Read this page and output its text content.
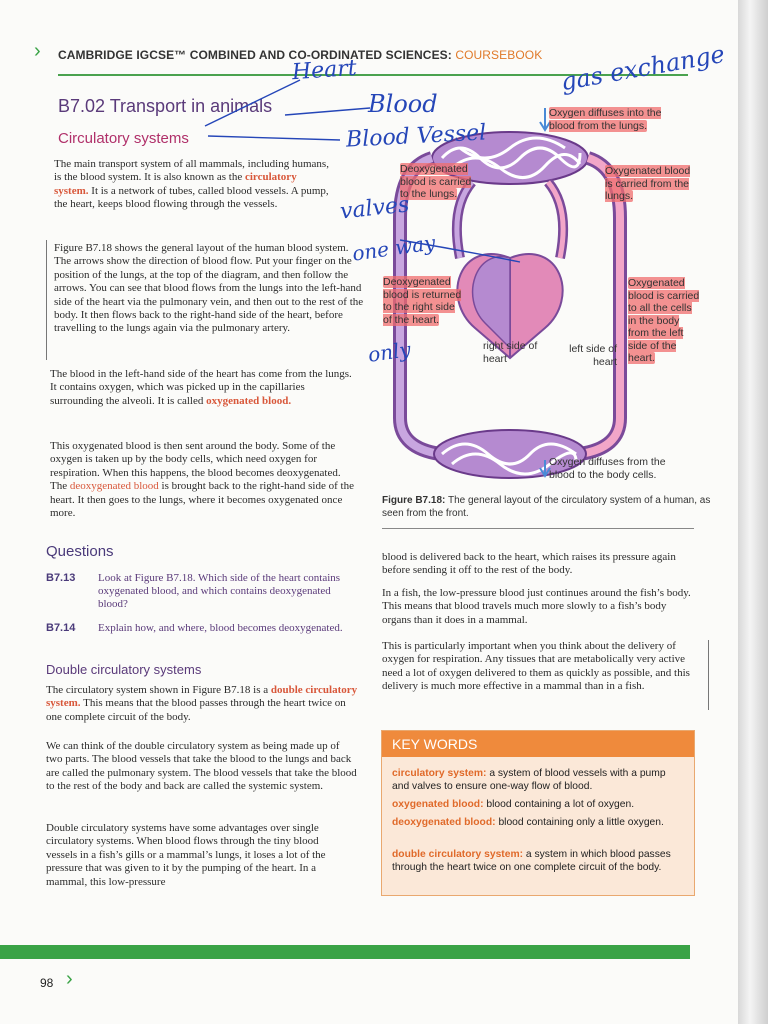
› CAMBRIDGE IGCSE™ COMBINED AND CO-ORDINATED SCIENCES: COURSEBOOK
B7.02 Transport in animals
Circulatory systems
The main transport system of all mammals, including humans, is the blood system. It is also known as the circulatory system. It is a network of tubes, called blood vessels. A pump, the heart, keeps blood flowing through the vessels.
Figure B7.18 shows the general layout of the human blood system. The arrows show the direction of blood flow. Put your finger on the position of the lungs, at the top of the diagram, and then follow the arrows. You can see that blood flows from the lungs into the left-hand side of the heart via the pulmonary vein, and then out to the rest of the body. It then flows back to the right-hand side of the heart, before travelling to the lungs again via the pulmonary artery.
The blood in the left-hand side of the heart has come from the lungs. It contains oxygen, which was picked up in the capillaries surrounding the alveoli. It is called oxygenated blood.
This oxygenated blood is then sent around the body. Some of the oxygen is taken up by the body cells, which need oxygen for respiration. When this happens, the blood becomes deoxygenated. The deoxygenated blood is brought back to the right-hand side of the heart. It then goes to the lungs, where it becomes oxygenated once more.
Questions
B7.13	Look at Figure B7.18. Which side of the heart contains oxygenated blood, and which contains deoxygenated blood?
B7.14	Explain how, and where, blood becomes deoxygenated.
Double circulatory systems
The circulatory system shown in Figure B7.18 is a double circulatory system. This means that the blood passes through the heart twice on one complete circuit of the body.
We can think of the double circulatory system as being made up of two parts. The blood vessels that take the blood to the lungs and back are called the pulmonary system. The blood vessels that take the blood to the rest of the body and back are called the systemic system.
Double circulatory systems have some advantages over single circulatory systems. When blood flows through the tiny blood vessels in a fish’s gills or a mammal’s lungs, it loses a lot of the pressure that was given to it by the pumping of the heart. In a mammal, this low-pressure
blood is delivered back to the heart, which raises its pressure again before sending it off to the rest of the body.
In a fish, the low-pressure blood just continues around the fish’s body. This means that blood travels much more slowly to a fish’s body organs than it does in a mammal.
This is particularly important when you think about the delivery of oxygen for respiration. Any tissues that are metabolically very active need a lot of oxygen delivered to them as quickly as possible, and this delivery is much more effective in a mammal than in a fish.
Oxygen diffuses into the blood from the lungs.
Deoxygenated blood is carried to the lungs.
Oxygenated blood is carried from the lungs.
Deoxygenated blood is returned to the right side of the heart.
Oxygenated blood is carried to all the cells in the body from the left side of the heart.
right side of heart
left side of heart
Oxygen diffuses from the blood to the body cells.
Figure B7.18: The general layout of the circulatory system of a human, as seen from the front.
KEY WORDS
circulatory system: a system of blood vessels with a pump and valves to ensure one-way flow of blood.
oxygenated blood: blood containing a lot of oxygen.
deoxygenated blood: blood containing only a little oxygen.
double circulatory system: a system in which blood passes through the heart twice on one complete circuit of the body.
98 ›
Heart
Blood
Blood Vessel
gas exchange
valves
one way
only
